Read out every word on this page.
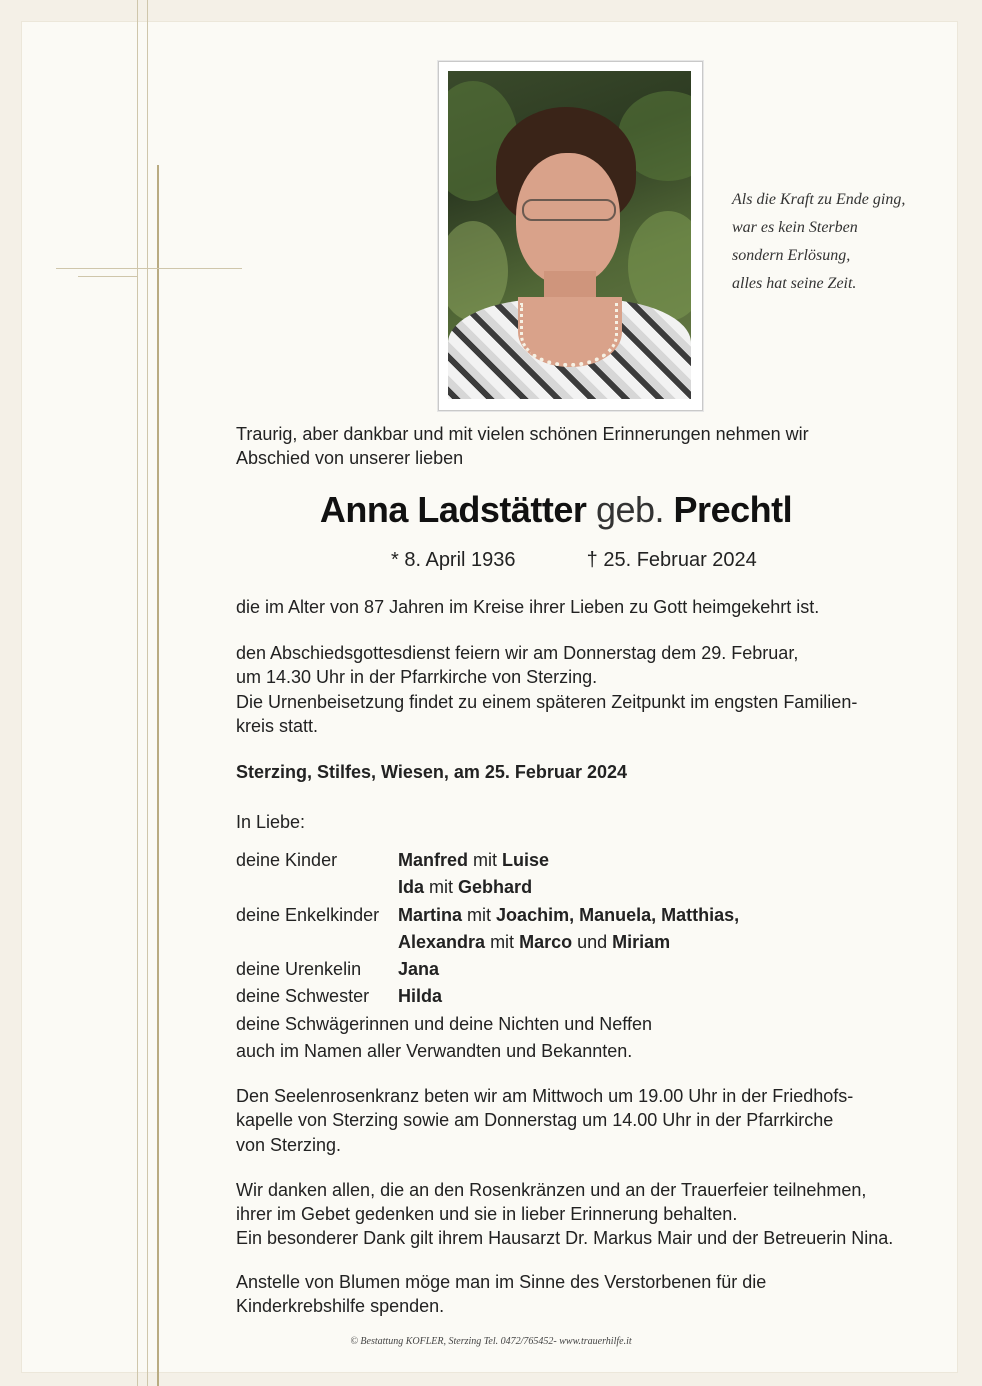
Als die Kraft zu Ende ging,
war es kein Sterben
sondern Erlösung,
alles hat seine Zeit.
Traurig, aber dankbar und mit vielen schönen Erinnerungen nehmen wir
Abschied von unserer lieben
Anna Ladstätter geb. Prechtl
* 8. April 1936	† 25. Februar 2024
die im Alter von 87 Jahren im Kreise ihrer Lieben zu Gott heimgekehrt ist.
den Abschiedsgottesdienst feiern wir am Donnerstag dem 29. Februar,
um 14.30 Uhr in der Pfarrkirche von Sterzing.
Die Urnenbeisetzung findet zu einem späteren Zeitpunkt im engsten Familien-
kreis statt.
Sterzing, Stilfes, Wiesen, am 25. Februar 2024
In Liebe:
deine Kinder	Manfred mit Luise
Ida mit Gebhard
deine Enkelkinder Martina mit Joachim, Manuela, Matthias,
Alexandra mit Marco und Miriam
deine Urenkelin Jana
deine Schwester Hilda
deine Schwägerinnen und deine Nichten und Neffen
auch im Namen aller Verwandten und Bekannten.
Den Seelenrosenkranz beten wir am Mittwoch um 19.00 Uhr in der Friedhofs-
kapelle von Sterzing sowie am Donnerstag um 14.00 Uhr in der Pfarrkirche
von Sterzing.
Wir danken allen, die an den Rosenkränzen und an der Trauerfeier teilnehmen,
ihrer im Gebet gedenken und sie in lieber Erinnerung behalten.
Ein besonderer Dank gilt ihrem Hausarzt Dr. Markus Mair und der Betreuerin Nina.
Anstelle von Blumen möge man im Sinne des Verstorbenen für die
Kinderkrebshilfe spenden.
© Bestattung KOFLER, Sterzing Tel. 0472/765452- www.trauerhilfe.it
